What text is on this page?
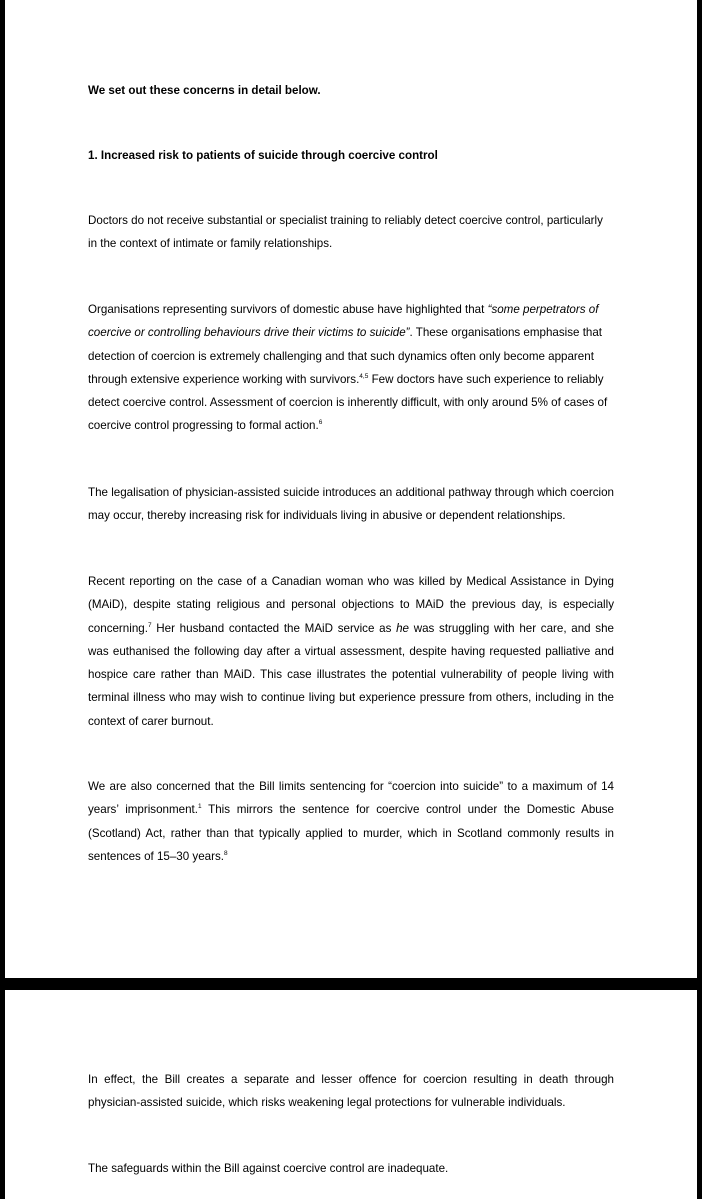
We set out these concerns in detail below.

1. Increased risk to patients of suicide through coercive control

Doctors do not receive substantial or specialist training to reliably detect coercive control, particularly in the context of intimate or family relationships.

Organisations representing survivors of domestic abuse have highlighted that “some perpetrators of coercive or controlling behaviours drive their victims to suicide”. These organisations emphasise that detection of coercion is extremely challenging and that such dynamics often only become apparent through extensive experience working with survivors.$^{4,5}$ Few doctors have such experience to reliably detect coercive control. Assessment of coercion is inherently difficult, with only around 5% of cases of coercive control progressing to formal action.$^6$

The legalisation of physician-assisted suicide introduces an additional pathway through which coercion may occur, thereby increasing risk for individuals living in abusive or dependent relationships.

Recent reporting on the case of a Canadian woman who was killed by Medical Assistance in Dying (MAiD), despite stating religious and personal objections to MAiD the previous day, is especially concerning.$^7$ Her husband contacted the MAiD service as he was struggling with her care, and she was euthanised the following day after a virtual assessment, despite having requested palliative and hospice care rather than MAiD. This case illustrates the potential vulnerability of people living with terminal illness who may wish to continue living but experience pressure from others, including in the context of carer burnout.

We are also concerned that the Bill limits sentencing for “coercion into suicide” to a maximum of 14 years’ imprisonment.$^1$ This mirrors the sentence for coercive control under the Domestic Abuse (Scotland) Act, rather than that typically applied to murder, which in Scotland commonly results in sentences of 15–30 years.$^8$

In effect, the Bill creates a separate and lesser offence for coercion resulting in death through physician-assisted suicide, which risks weakening legal protections for vulnerable individuals.

The safeguards within the Bill against coercive control are inadequate.
